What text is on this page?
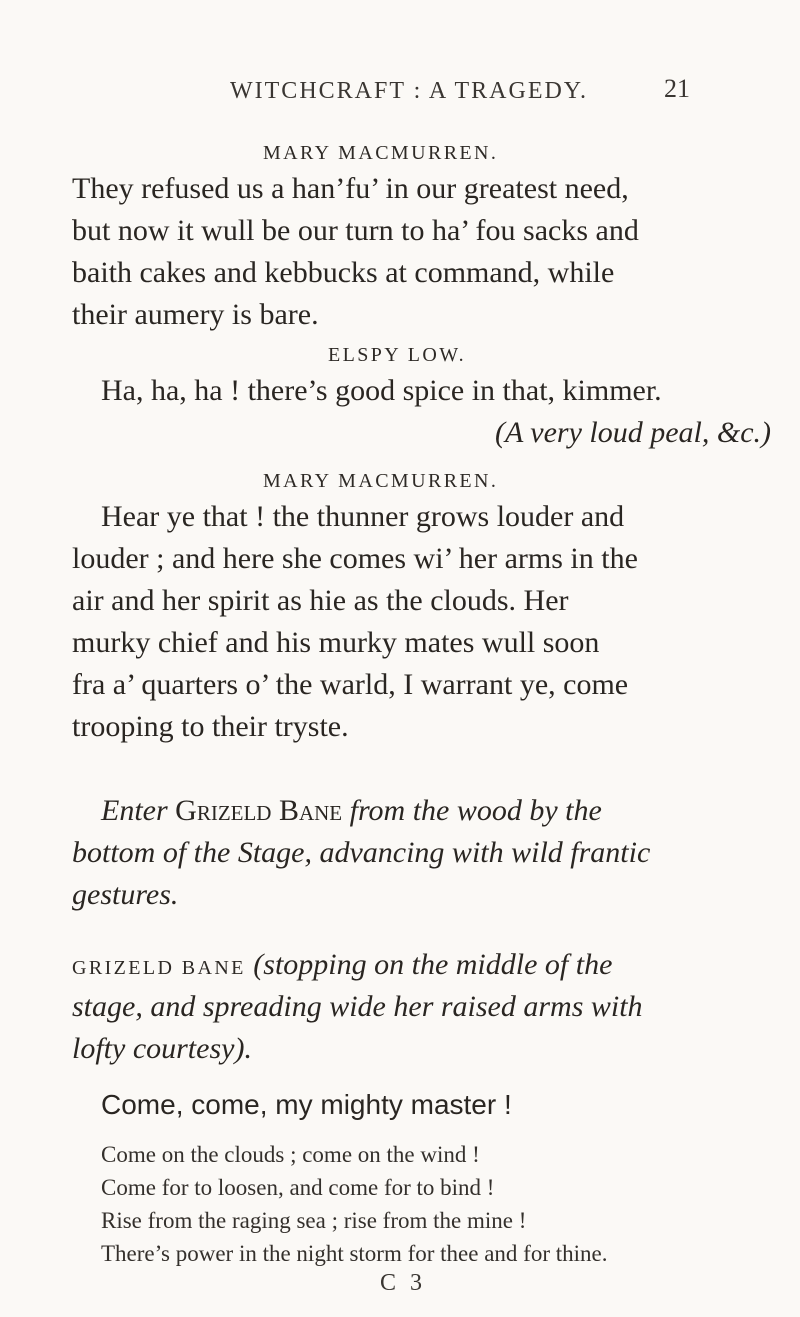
WITCHCRAFT : A TRAGEDY.	21
MARY MACMURREN.
They refused us a han’fu’ in our greatest need,
but now it wull be our turn to ha’ fou sacks and
baith cakes and kebbucks at command, while
their aumery is bare.
ELSPY LOW.
Ha, ha, ha ! there’s good spice in that, kimmer.
(A very loud peal, &c.)
MARY MACMURREN.
Hear ye that ! the thunner grows louder and
louder ; and here she comes wi’ her arms in the
air and her spirit as hie as the clouds. Her
murky chief and his murky mates wull soon
fra a’ quarters o’ the warld, I warrant ye, come
trooping to their tryste.
Enter Grizeld Bane from the wood by the
bottom of the Stage, advancing with wild frantic
gestures.
GRIZELD BANE (stopping on the middle of the
stage, and spreading wide her raised arms with
lofty courtesy).
Come, come, my mighty master !
Come on the clouds ; come on the wind !
Come for to loosen, and come for to bind !
Rise from the raging sea ; rise from the mine !
There’s power in the night storm for thee and for thine.
C 3
